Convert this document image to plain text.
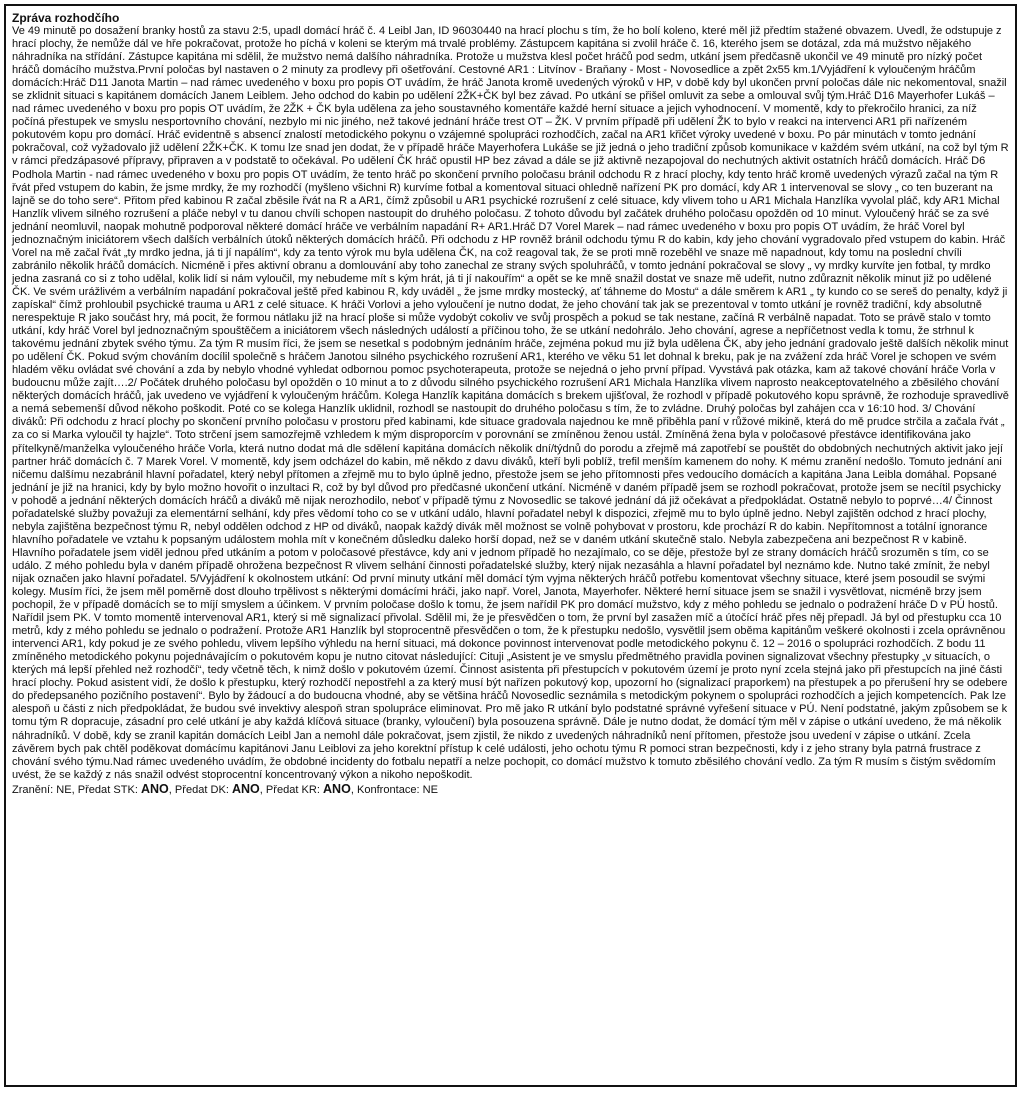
Zpráva rozhodčího

Ve 49 minutě po dosažení branky hostů za stavu 2:5, upadl domácí hráč č. 4 Leibl Jan, ID 96030440 na hrací plochu s tím, že ho bolí koleno, které měl již předtím stažené obvazem. Uvedl, že odstupuje z hrací plochy, že nemůže dál ve hře pokračovat, protože ho píchá v koleni se kterým má trvalé problémy. Zástupcem kapitána si zvolil hráče č. 16, kterého jsem se dotázal, zda má mužstvo nějakého náhradníka na střídání. Zástupce kapitána mi sdělil, že mužstvo nemá dalšího náhradníka. Protože u mužstva klesl počet hráčů pod sedm, utkání jsem předčasně ukončil ve 49 minutě pro nízký počet hráčů domácího mužstva.První poločas byl nastaven o 2 minuty za prodlevy při ošetřování. Cestovné AR1 : Litvínov - Braňany - Most - Novosedlice a zpět 2x55 km.1/Vyjádření k vyloučeným hráčům domácích:Hráč D11 Janota Martin – nad rámec uvedeného v boxu pro popis OT uvádím, že hráč Janota kromě uvedených výroků v HP, v době kdy byl ukončen první poločas dále nic nekomentoval, snažil se zklidnit situaci s kapitánem domácích Janem Leiblem. Jeho odchod do kabin po udělení 2ŽK+ČK byl bez závad. Po utkání se přišel omluvit za sebe a omlouval svůj tým.Hráč D16 Mayerhofer Lukáš – nad rámec uvedeného v boxu pro popis OT uvádím, že 2ŽK + ČK byla udělena za jeho soustavného komentáře každé herní situace a jejich vyhodnocení. V momentě, kdy to překročilo hranici, za níž počíná přestupek ve smyslu nesportovního chování, nezbylo mi nic jiného, než takové jednání hráče trest OT – ŽK. V prvním případě při udělení ŽK to bylo v reakci na intervenci AR1 při nařízeném pokutovém kopu pro domácí. Hráč evidentně s absencí znalostí metodického pokynu o vzájemné spolupráci rozhodčích, začal na AR1 křičet výroky uvedené v boxu. Po pár minutách v tomto jednání pokračoval, což vyžadovalo již udělení 2ŽK+ČK. K tomu lze snad jen dodat, že v případě hráče Mayerhofera Lukáše se již jedná o jeho tradiční způsob komunikace v každém svém utkání, na což byl tým R v rámci předzápasové přípravy, připraven a v podstatě to očekával. Po udělení ČK hráč opustil HP bez závad a dále se již aktivně nezapojoval do nechutných aktivit ostatních hráčů domácích. Hráč D6 Podhola Martin - nad rámec uvedeného v boxu pro popis OT uvádím, že tento hráč po skončení prvního poločasu bránil odchodu R z hrací plochy, kdy tento hráč kromě uvedených výrazů začal na tým R řvát před vstupem do kabin, že jsme mrdky, že my rozhodčí (myšleno všichni R) kurvíme fotbal a komentoval situaci ohledně nařízení PK pro domácí, kdy AR 1 intervenoval se slovy „ co ten buzerant na lajně se do toho sere“. Přitom před kabinou R začal zběsile řvát na R a AR1, čímž způsobil u AR1 psychické rozrušení z celé situace, kdy vlivem toho u AR1 Michala Hanzlíka vyvolal pláč, kdy AR1 Michal Hanzlík vlivem silného rozrušení a pláče nebyl v tu danou chvíli schopen nastoupit do druhého poločasu. Z tohoto důvodu byl začátek druhého poločasu opožděn od 10 minut. Vyloučený hráč se za své jednání neomluvil, naopak mohutně podporoval některé domácí hráče ve verbálním napadání R+ AR1.Hráč D7 Vorel Marek – nad rámec uvedeného v boxu pro popis OT uvádím, že hráč Vorel byl jednoznačným iniciátorem všech dalších verbálních útoků některých domácích hráčů. Při odchodu z HP rovněž bránil odchodu týmu R do kabin, kdy jeho chování vygradovalo před vstupem do kabin. Hráč Vorel na mě začal řvát „ty mrdko jedna, já ti jí napálím“, kdy za tento výrok mu byla udělena ČK, na což reagoval tak, že se proti mně rozeběhl ve snaze mě napadnout, kdy tomu na poslední chvíli zabránilo několik hráčů domácích. Nicméně i přes aktivní obranu a domlouvání aby toho zanechal ze strany svých spoluhráčů, v tomto jednání pokračoval se slovy „ vy mrdky kurvíte jen fotbal, ty mrdko jedna zasraná co si z toho udělal, kolik lidí si nám vyloučil, my nebudeme mít s kým hrát, já ti jí nakouřím“ a opět se ke mně snažil dostat ve snaze mě udeřit, nutno zdůraznit několik minut již po udělené ČK. Ve svém urážlivém a verbálním napadání pokračoval ještě před kabinou R, kdy uváděl „ že jsme mrdky mostecký, ať táhneme do Mostu“ a dále směrem k AR1 „ ty kundo co se sereš do penalty, když ji zapískal“ čímž prohloubil psychické trauma u AR1 z celé situace. K hráči Vorlovi a jeho vyloučení je nutno dodat, že jeho chování tak jak se prezentoval v tomto utkání je rovněž tradiční, kdy absolutně nerespektuje R jako součást hry, má pocit, že formou nátlaku již na hrací ploše si může vydobýt cokoliv ve svůj prospěch a pokud se tak nestane, začíná R verbálně napadat. Toto se právě stalo v tomto utkání, kdy hráč Vorel byl jednoznačným spouštěčem a iniciátorem všech následných událostí a příčinou toho, že se utkání nedohrálo. Jeho chování, agrese a nepříčetnost vedla k tomu, že strhnul k takovému jednání zbytek svého týmu. Za tým R musím říci, že jsem se nesetkal s podobným jednáním hráče, zejména pokud mu již byla udělena ČK, aby jeho jednání gradovalo ještě dalších několik minut po udělení ČK. Pokud svým chováním docílil společně s hráčem Janotou silného psychického rozrušení AR1, kterého ve věku 51 let dohnal k breku, pak je na zvážení zda hráč Vorel je schopen ve svém hladém věku ovládat své chování a zda by nebylo vhodné vyhledat odbornou pomoc psychoterapeuta, protože se nejedná o jeho první případ. Vyvstává pak otázka, kam až takové chování hráče Vorla v budoucnu může zajít….2/ Počátek druhého poločasu byl opožděn o 10 minut a to z důvodu silného psychického rozrušení AR1 Michala Hanzlíka vlivem naprosto neakceptovatelného a zběsilého chování některých domácích hráčů, jak uvedeno ve vyjádření k vyloučeným hráčům. Kolega Hanzlík kapitána domácích s brekem ujišťoval, že rozhodl v případě pokutového kopu správně, že rozhoduje spravedlivě a nemá sebemenší důvod někoho poškodit. Poté co se kolega Hanzlík uklidnil, rozhodl se nastoupit do druhého poločasu s tím, že to zvládne. Druhý poločas byl zahájen cca v 16:10 hod. 3/ Chování diváků: Při odchodu z hrací plochy po skončení prvního poločasu v prostoru před kabinami, kde situace gradovala najednou ke mně přiběhla paní v růžové mikině, která do mě prudce strčila a začala řvát „ za co si Marka vyloučil ty hajzle“. Toto strčení jsem samozřejmě vzhledem k mým disproporcím v porovnání se zmíněnou ženou ustál. Zmíněná žena byla v poločasové přestávce identifikována jako přítelkyně/manželka vyloučeného hráče Vorla, která nutno dodat má dle sdělení kapitána domácích několik dní/týdnů do porodu a zřejmě má zapotřebí se pouštět do obdobných nechutných aktivit jako její partner hráč domácích č. 7 Marek Vorel. V momentě, kdy jsem odcházel do kabin, mě někdo z davu diváků, kteří byli poblíž, trefil menším kamenem do nohy. K mému zranění nedošlo. Tomuto jednání ani ničemu dalšímu nezabránil hlavní pořadatel, který nebyl přítomen a zřejmě mu to bylo úplně jedno, přestože jsem se jeho přítomnosti přes vedoucího domácích a kapitána Jana Leibla domáhal. Popsané jednání je již na hranici, kdy by bylo možno hovořit o inzultaci R, což by byl důvod pro předčasné ukončení utkání. Nicméně v daném případě jsem se rozhodl pokračovat, protože jsem se necítil psychicky v pohodě a jednání některých domácích hráčů a diváků mě nijak nerozhodilo, neboť v případě týmu z Novosedlic se takové jednání dá již očekávat a předpokládat. Ostatně nebylo to poprvé…4/ Činnost pořadatelské služby považuji za elementární selhání, kdy přes vědomí toho co se v utkání událo, hlavní pořadatel nebyl k dispozici, zřejmě mu to bylo úplně jedno. Nebyl zajištěn odchod z hrací plochy, nebyla zajištěna bezpečnost týmu R, nebyl oddělen odchod z HP od diváků, naopak každý divák měl možnost se volně pohybovat v prostoru, kde prochází R do kabin. Nepřítomnost a totální ignorance hlavního pořadatele ve vztahu k popsaným událostem mohla mít v konečném důsledku daleko horší dopad, než se v daném utkání skutečně stalo. Nebyla zabezpečena ani bezpečnost R v kabině. Hlavního pořadatele jsem viděl jednou před utkáním a potom v poločasové přestávce, kdy ani v jednom případě ho nezajímalo, co se děje, přestože byl ze strany domácích hráčů srozuměn s tím, co se událo. Z mého pohledu byla v daném případě ohrožena bezpečnost R vlivem selhání činnosti pořadatelské služby, který nijak nezasáhla a hlavní pořadatel byl neznámo kde. Nutno také zmínit, že nebyl nijak označen jako hlavní pořadatel. 5/Vyjádření k okolnostem utkání: Od první minuty utkání měl domácí tým vyjma některých hráčů potřebu komentovat všechny situace, které jsem posoudil se svými kolegy. Musím říci, že jsem měl poměrně dost dlouho trpělivost s některými domácími hráči, jako např. Vorel, Janota, Mayerhofer. Některé herní situace jsem se snažil i vysvětlovat, nicméně brzy jsem pochopil, že v případě domácích se to míjí smyslem a účinkem. V prvním poločase došlo k tomu, že jsem nařídil PK pro domácí mužstvo, kdy z mého pohledu se jednalo o podražení hráče D v PÚ hostů. Nařídil jsem PK. V tomto momentě intervenoval AR1, který si mě signalizací přivolal. Sdělil mi, že je přesvědčen o tom, že první byl zasažen míč a útočící hráč přes něj přepadl. Já byl od přestupku cca 10 metrů, kdy z mého pohledu se jednalo o podražení. Protože AR1 Hanzlík byl stoprocentně přesvědčen o tom, že k přestupku nedošlo, vysvětlil jsem oběma kapitánům veškeré okolnosti i zcela oprávněnou intervenci AR1, kdy pokud je ze svého pohledu, vlivem lepšího výhledu na herní situaci, má dokonce povinnost intervenovat podle metodického pokynu č. 12 – 2016 o spolupráci rozhodčích. Z bodu 11 zmíněného metodického pokynu pojednávajícím o pokutovém kopu je nutno citovat následující: Cituji „Asistent je ve smyslu předmětného pravidla povinen signalizovat všechny přestupky „v situacích, o kterých má lepší přehled než rozhodčí“, tedy včetně těch, k nimž došlo v pokutovém území. Činnost asistenta při přestupcích v pokutovém území je proto nyní zcela stejná jako při přestupcích na jiné části hrací plochy. Pokud asistent vidí, že došlo k přestupku, který rozhodčí nepostřehl a za který musí být nařízen pokutový kop, upozorní ho (signalizací praporkem) na přestupek a po přerušení hry se odebere do předepsaného pozičního postavení“. Bylo by žádoucí a do budoucna vhodné, aby se většina hráčů Novosedlic seznámila s metodickým pokynem o spolupráci rozhodčích a jejich kompetencích. Pak lze alespoň u části z nich předpokládat, že budou své invektivy alespoň stran spolupráce eliminovat. Pro mě jako R utkání bylo podstatné správné vyřešení situace v PÚ. Není podstatné, jakým způsobem se k tomu tým R dopracuje, zásadní pro celé utkání je aby každá klíčová situace (branky, vyloučení) byla posouzena správně. Dále je nutno dodat, že domácí tým měl v zápise o utkání uvedeno, že má několik náhradníků. V době, kdy se zranil kapitán domácích Leibl Jan a nemohl dále pokračovat, jsem zjistil, že nikdo z uvedených náhradníků není přítomen, přestože jsou uvedení v zápise o utkání. Zcela závěrem bych pak chtěl poděkovat domácímu kapitánovi Janu Leiblovi za jeho korektní přístup k celé události, jeho ochotu týmu R pomoci stran bezpečnosti, kdy i z jeho strany byla patrná frustrace z chování svého týmu.Nad rámec uvedeného uvádím, že obdobné incidenty do fotbalu nepatří a nelze pochopit, co domácí mužstvo k tomuto zběsilého chování vedlo. Za tým R musím s čistým svědomím uvést, že se každý z nás snažil odvést stoprocentní koncentrovaný výkon a nikoho nepoškodit.

Zranění: NE, Předat STK: ANO, Předat DK: ANO, Předat KR: ANO, Konfrontace: NE
